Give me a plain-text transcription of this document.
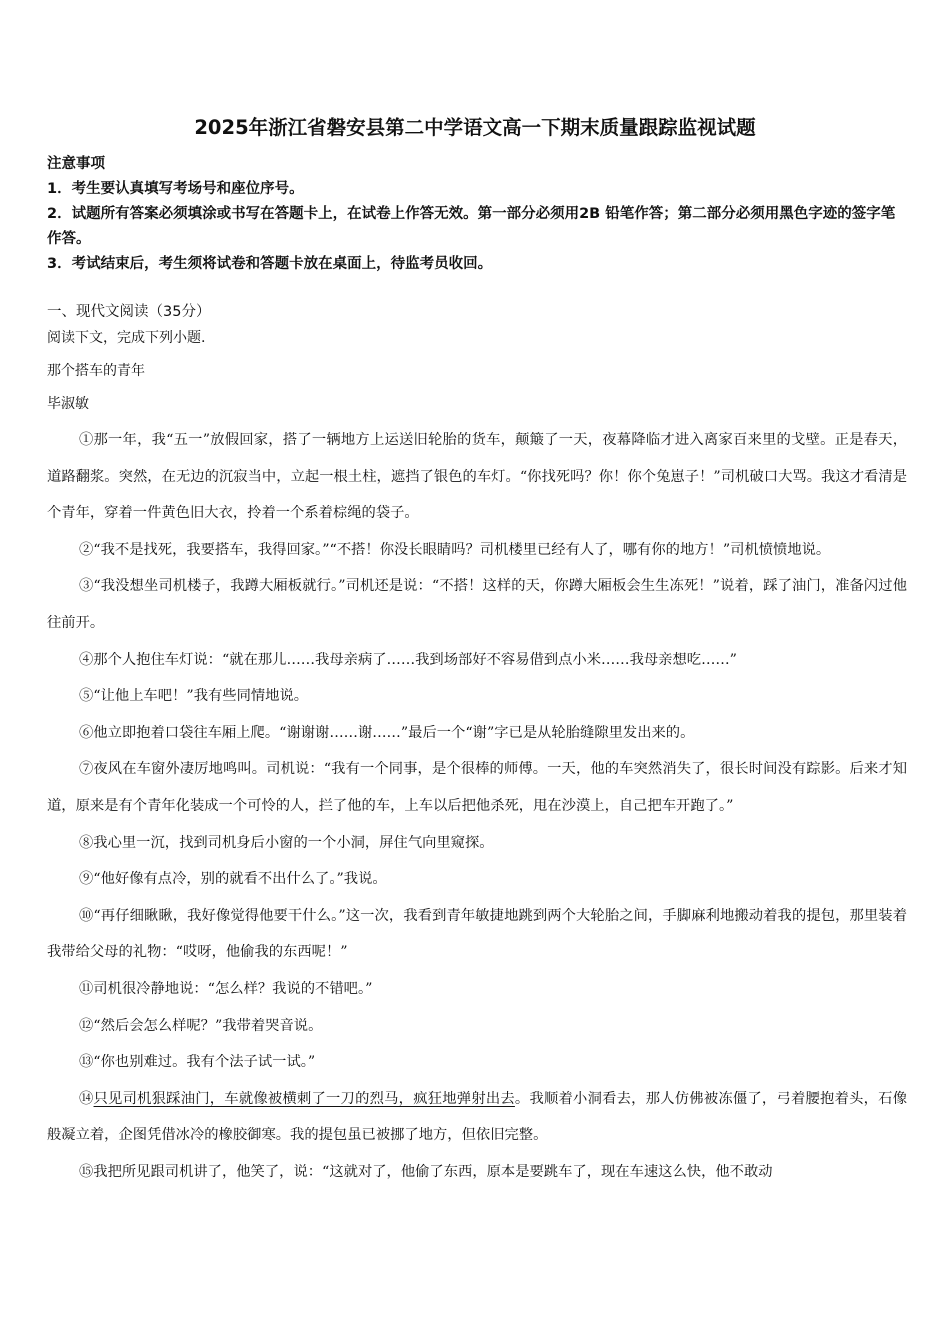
2025年浙江省磐安县第二中学语文高一下期末质量跟踪监视试题
注意事项
1．考生要认真填写考场号和座位序号。
2．试题所有答案必须填涂或书写在答题卡上，在试卷上作答无效。第一部分必须用2B 铅笔作答；第二部分必须用黑色字迹的签字笔作答。
3．考试结束后，考生须将试卷和答题卡放在桌面上，待监考员收回。
一、现代文阅读（35分）
阅读下文，完成下列小题.
那个搭车的青年
毕淑敏

①那一年，我“五一”放假回家，搭了一辆地方上运送旧轮胎的货车，颠簸了一天，夜幕降临才进入离家百来里的戈壁。正是春天，道路翻浆。突然，在无边的沉寂当中，立起一根土柱，遮挡了银色的车灯。“你找死吗？你！你个兔崽子！”司机破口大骂。我这才看清是个青年，穿着一件黄色旧大衣，拎着一个系着棕绳的袋子。

②“我不是找死，我要搭车，我得回家。”“不搭！你没长眼睛吗？司机楼里已经有人了，哪有你的地方！”司机愤愤地说。

③“我没想坐司机楼子，我蹲大厢板就行。”司机还是说：“不搭！这样的天，你蹲大厢板会生生冻死！”说着，踩了油门，准备闪过他往前开。

④那个人抱住车灯说：“就在那儿……我母亲病了……我到场部好不容易借到点小米……我母亲想吃……”

⑤“让他上车吧！”我有些同情地说。

⑥他立即抱着口袋往车厢上爬。“谢谢谢……谢……”最后一个“谢”字已是从轮胎缝隙里发出来的。

⑦夜风在车窗外凄厉地鸣叫。司机说：“我有一个同事，是个很棒的师傅。一天，他的车突然消失了，很长时间没有踪影。后来才知道，原来是有个青年化装成一个可怜的人，拦了他的车，上车以后把他杀死，甩在沙漠上，自己把车开跑了。”

⑧我心里一沉，找到司机身后小窗的一个小洞，屏住气向里窥探。

⑨“他好像有点冷，别的就看不出什么了。”我说。

⑩“再仔细瞅瞅，我好像觉得他要干什么。”这一次，我看到青年敏捷地跳到两个大轮胎之间，手脚麻利地搬动着我的提包，那里装着我带给父母的礼物：“哎呀，他偷我的东西呢！”

⑪司机很冷静地说：“怎么样？我说的不错吧。”

⑫“然后会怎么样呢？”我带着哭音说。

⑬“你也别难过。我有个法子试一试。”

⑭只见司机狠踩油门，车就像被横刺了一刀的烈马，疯狂地弹射出去。我顺着小洞看去，那人仿佛被冻僵了，弓着腰抱着头，石像般凝立着，企图凭借冰冷的橡胶御寒。我的提包虽已被挪了地方，但依旧完整。

⑮我把所见跟司机讲了，他笑了，说：“这就对了，他偷了东西，原本是要跳车了，现在车速这么快，他不敢动
